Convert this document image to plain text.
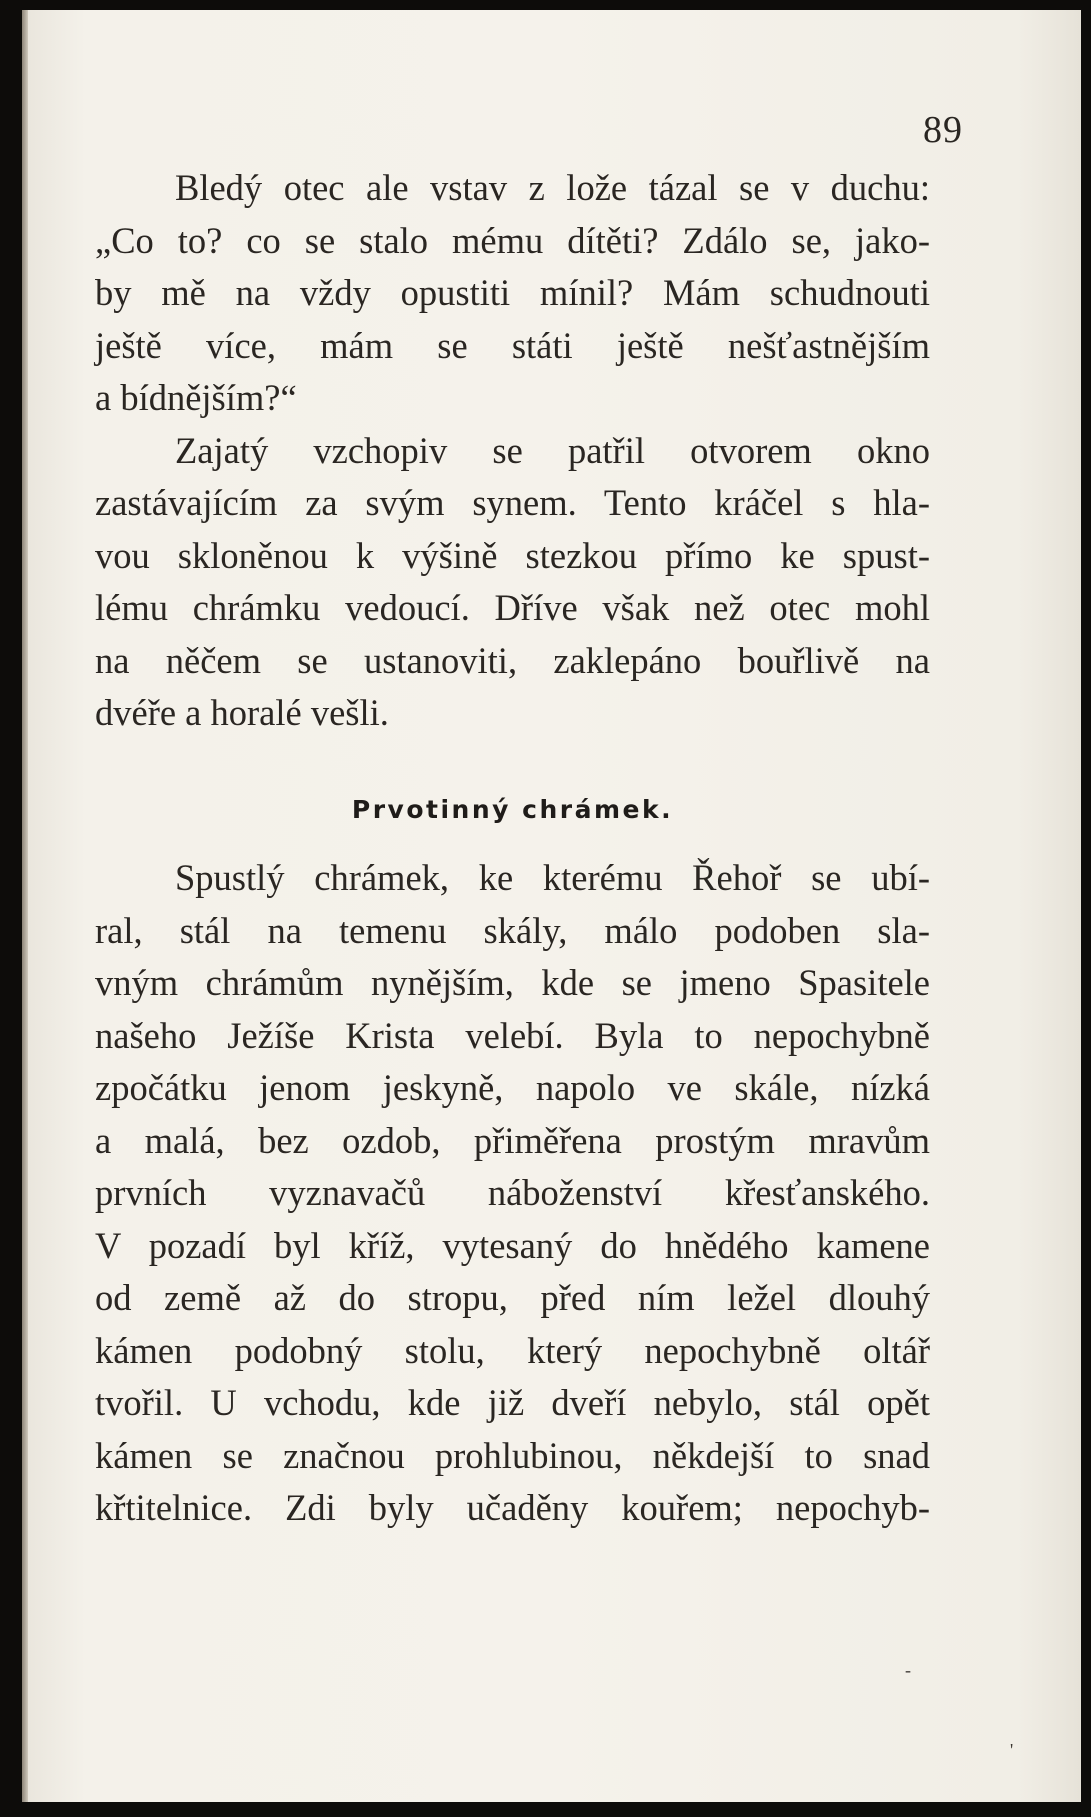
89
Bledý otec ale vstav z lože tázal se v duchu:
„Co to? co se stalo mému dítěti? Zdálo se, jako-
by mě na vždy opustiti mínil? Mám schudnouti
ještě více, mám se státi ještě nešťastnějším
a bídnějším?“
Zajatý vzchopiv se patřil otvorem okno
zastávajícím za svým synem. Tento kráčel s hla-
vou skloněnou k výšině stezkou přímo ke spust-
lému chrámku vedoucí. Dříve však než otec mohl
na něčem se ustanoviti, zaklepáno bouřlivě na
dvéře a horalé vešli.
Prvotinný chrámek.
Spustlý chrámek, ke kterému Řehoř se ubí-
ral, stál na temenu skály, málo podoben sla-
vným chrámům nynějším, kde se jmeno Spasitele
našeho Ježíše Krista velebí. Byla to nepochybně
zpočátku jenom jeskyně, napolo ve skále, nízká
a malá, bez ozdob, přiměřena prostým mravům
prvních vyznavačů náboženství křesťanského.
V pozadí byl kříž, vytesaný do hnědého kamene
od země až do stropu, před ním ležel dlouhý
kámen podobný stolu, který nepochybně oltář
tvořil. U vchodu, kde již dveří nebylo, stál opět
kámen se značnou prohlubinou, někdejší to snad
křtitelnice. Zdi byly učaděny kouřem; nepochyb-
-
'
